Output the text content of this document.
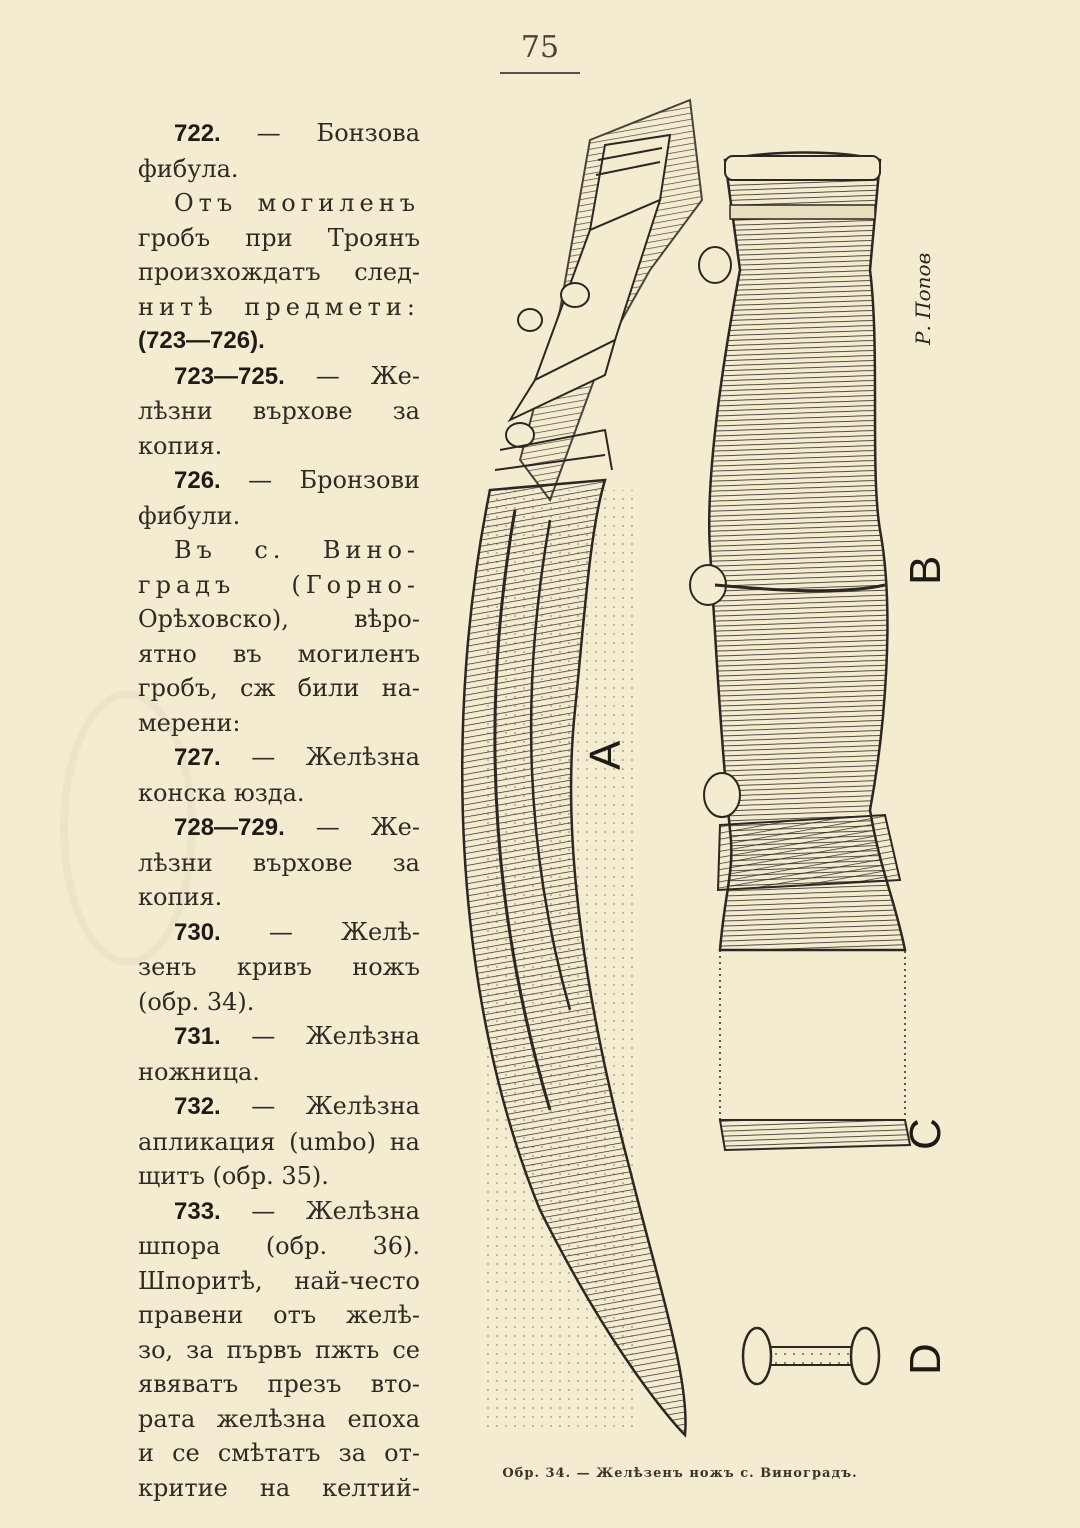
75

722. — Бонзова

фибула.

Отъ могиленъ

гробъ при Троянъ

произхождатъ след-

нитѣ предмети:

(723—726).

723—725. — Же-

лѣзни върхове за

копия.

726. — Бронзови

фибули.

Въ с. Вино-

градъ (Горно-

Орѣховско), вѣро-

ятно въ могиленъ

гробъ, сж били на-

мерени:

727. — Желѣзна

конска юзда.

728—729. — Же-

лѣзни върхове за

копия.

730. — Желѣ-

зенъ кривъ ножъ

(обр. 34).

731. — Желѣзна

ножница.

732. — Желѣзна

апликация (umbo) на

щитъ (обр. 35).

733. — Желѣзна

шпора (обр. 36).

Шпоритѣ, най-често

правени отъ желѣ-

зо, за първъ пжть се

явяватъ презъ вто-

рата желѣзна епоха

и се смѣтатъ за от-

критие на келтий-

A
B
C
D
Р. Попов
Обр. 34. — Желѣзенъ ножъ с. Виноградъ.
